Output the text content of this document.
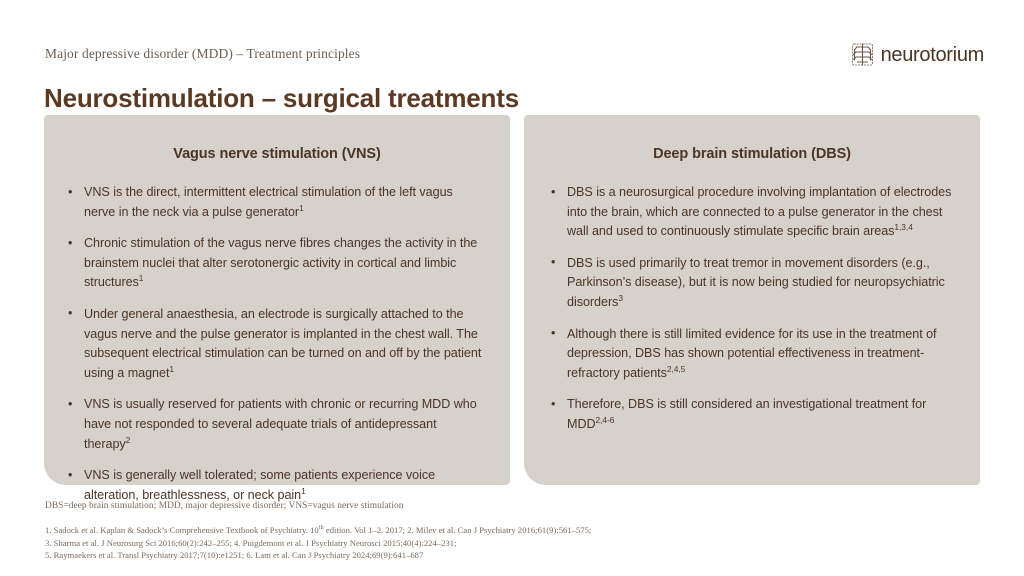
Major depressive disorder (MDD) – Treatment principles
Neurostimulation – surgical treatments
neurotorium
Vagus nerve stimulation (VNS)
• VNS is the direct, intermittent electrical stimulation of the left vagus nerve in the neck via a pulse generator$^1$
• Chronic stimulation of the vagus nerve fibres changes the activity in the brainstem nuclei that alter serotonergic activity in cortical and limbic structures$^1$
• Under general anaesthesia, an electrode is surgically attached to the vagus nerve and the pulse generator is implanted in the chest wall. The subsequent electrical stimulation can be turned on and off by the patient using a magnet$^1$
• VNS is usually reserved for patients with chronic or recurring MDD who have not responded to several adequate trials of antidepressant therapy$^2$
• VNS is generally well tolerated; some patients experience voice alteration, breathlessness, or neck pain$^1$
Deep brain stimulation (DBS)
• DBS is a neurosurgical procedure involving implantation of electrodes into the brain, which are connected to a pulse generator in the chest wall and used to continuously stimulate specific brain areas$^{1,3,4}$
• DBS is used primarily to treat tremor in movement disorders (e.g., Parkinson’s disease), but it is now being studied for neuropsychiatric disorders$^3$
• Although there is still limited evidence for its use in the treatment of depression, DBS has shown potential effectiveness in treatment-refractory patients$^{2,4,5}$
• Therefore, DBS is still considered an investigational treatment for MDD$^{2,4-6}$
DBS=deep brain stimulation; MDD, major depressive disorder; VNS=vagus nerve stimulation
1. Sadock et al. Kaplan & Sadock’s Comprehensive Textbook of Psychiatry. 10th edition. Vol 1–2. 2017; 2. Milev et al. Can J Psychiatry 2016;61(9):561–575;
3. Sharma et al. J Neurosurg Sci 2016;60(2):242–255; 4. Puigdemont et al. J Psychiatry Neurosci 2015;40(4):224–231;
5. Raymaekers et al. Transl Psychiatry 2017;7(10):e1251; 6. Lam et al. Can J Psychiatry 2024;69(9):641–687
